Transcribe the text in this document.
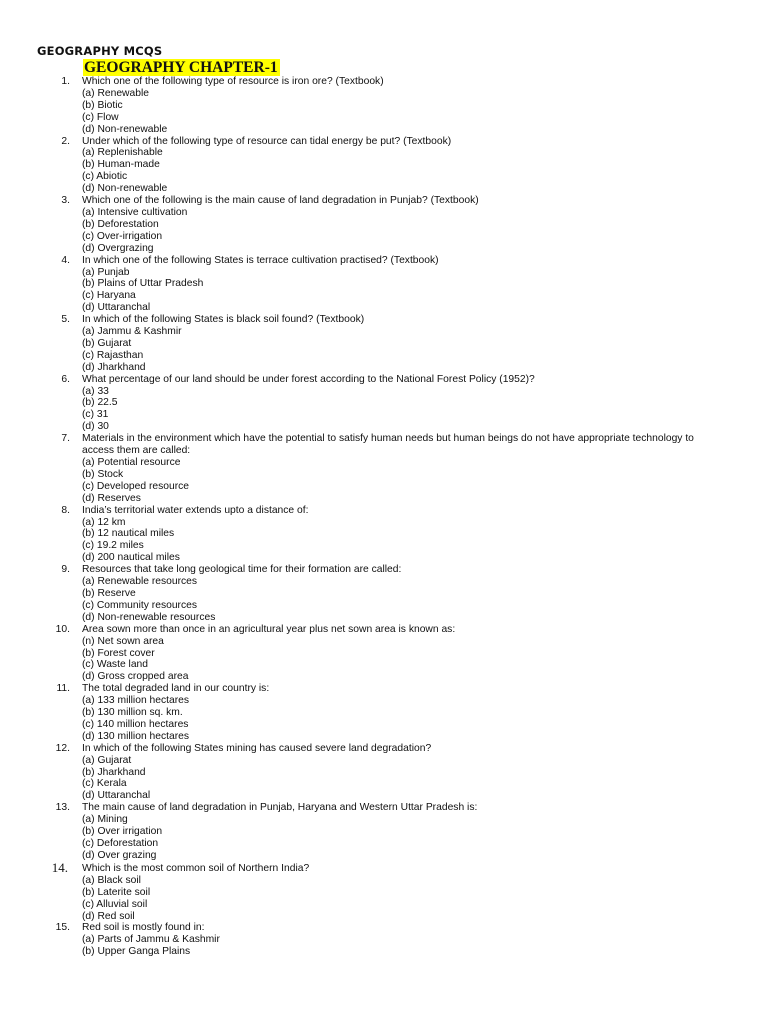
GEOGRAPHY MCQS
GEOGRAPHY CHAPTER-1
1. Which one of the following type of resource is iron ore? (Textbook)
(a) Renewable
(b) Biotic
(c) Flow
(d) Non-renewable
2. Under which of the following type of resource can tidal energy be put? (Textbook)
(a) Replenishable
(b) Human-made
(c) Abiotic
(d) Non-renewable
3. Which one of the following is the main cause of land degradation in Punjab? (Textbook)
(a) Intensive cultivation
(b) Deforestation
(c) Over-irrigation
(d) Overgrazing
4. In which one of the following States is terrace cultivation practised? (Textbook)
(a) Punjab
(b) Plains of Uttar Pradesh
(c) Haryana
(d) Uttaranchal
5. In which of the following States is black soil found? (Textbook)
(a) Jammu & Kashmir
(b) Gujarat
(c) Rajasthan
(d) Jharkhand
6. What percentage of our land should be under forest according to the National Forest Policy (1952)?
(a) 33
(b) 22.5
(c) 31
(d) 30
7. Materials in the environment which have the potential to satisfy human needs but human beings do not have appropriate technology to access them are called:
(a) Potential resource
(b) Stock
(c) Developed resource
(d) Reserves
8. India’s territorial water extends upto a distance of:
(a) 12 km
(b) 12 nautical miles
(c) 19.2 miles
(d) 200 nautical miles
9. Resources that take long geological time for their formation are called:
(a) Renewable resources
(b) Reserve
(c) Community resources
(d) Non-renewable resources
10. Area sown more than once in an agricultural year plus net sown area is known as:
(n) Net sown area
(b) Forest cover
(c) Waste land
(d) Gross cropped area
11. The total degraded land in our country is:
(a) 133 million hectares
(b) 130 million sq. km.
(c) 140 million hectares
(d) 130 million hectares
12. In which of the following States mining has caused severe land degradation?
(a) Gujarat
(b) Jharkhand
(c) Kerala
(d) Uttaranchal
13. The main cause of land degradation in Punjab, Haryana and Western Uttar Pradesh is:
(a) Mining
(b) Over irrigation
(c) Deforestation
(d) Over grazing
14. Which is the most common soil of Northern India?
(a) Black soil
(b) Laterite soil
(c) Alluvial soil
(d) Red soil
15. Red soil is mostly found in:
(a) Parts of Jammu & Kashmir
(b) Upper Ganga Plains
